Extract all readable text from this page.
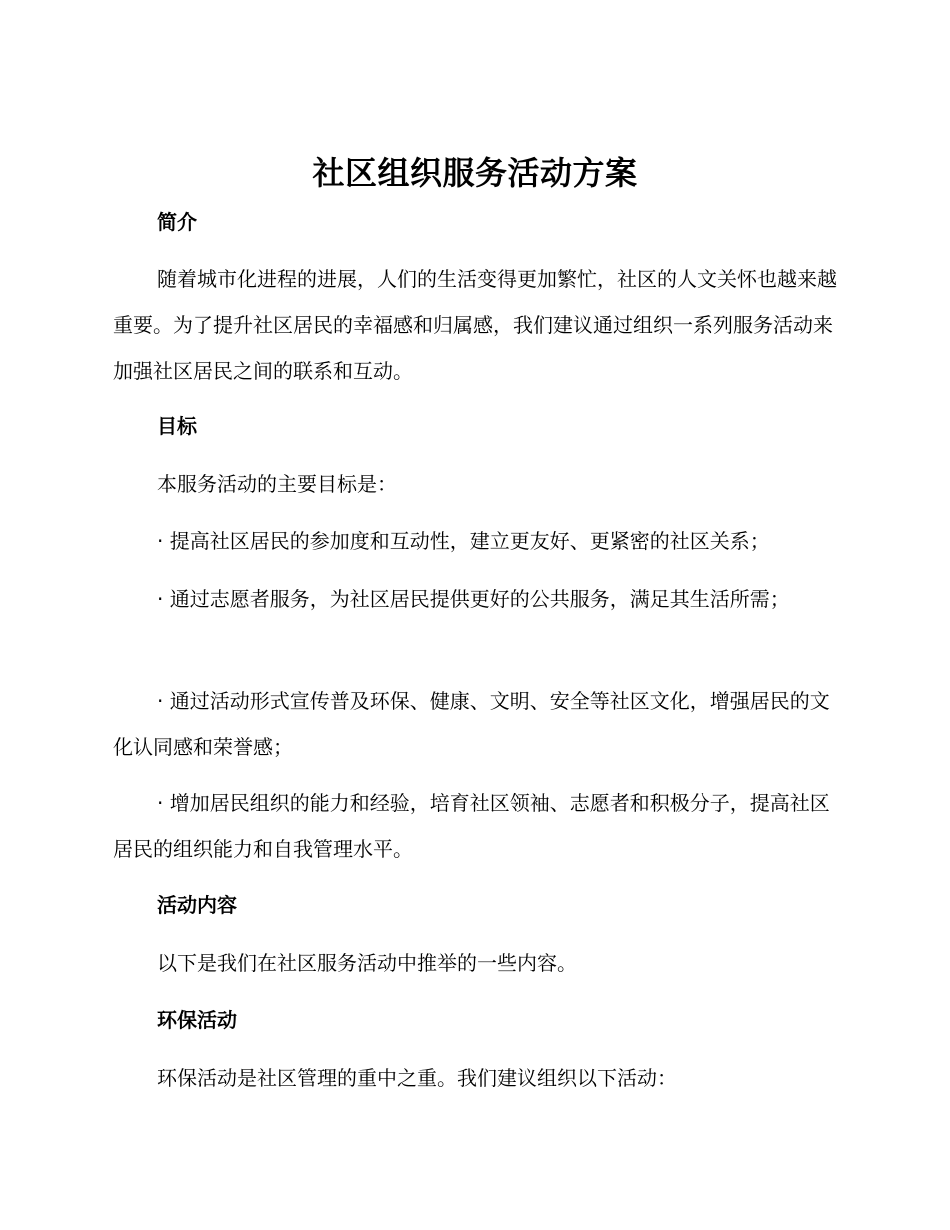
社区组织服务活动方案
简介

随着城市化进程的进展，人们的生活变得更加繁忙，社区的人文关怀也越来越重要。为了提升社区居民的幸福感和归属感，我们建议通过组织一系列服务活动来加强社区居民之间的联系和互动。

目标

本服务活动的主要目标是：

· 提高社区居民的参加度和互动性，建立更友好、更紧密的社区关系；

· 通过志愿者服务，为社区居民提供更好的公共服务，满足其生活所需；

· 通过活动形式宣传普及环保、健康、文明、安全等社区文化，增强居民的文化认同感和荣誉感；

· 增加居民组织的能力和经验，培育社区领袖、志愿者和积极分子，提高社区居民的组织能力和自我管理水平。

活动内容

以下是我们在社区服务活动中推举的一些内容。

环保活动

环保活动是社区管理的重中之重。我们建议组织以下活动：
